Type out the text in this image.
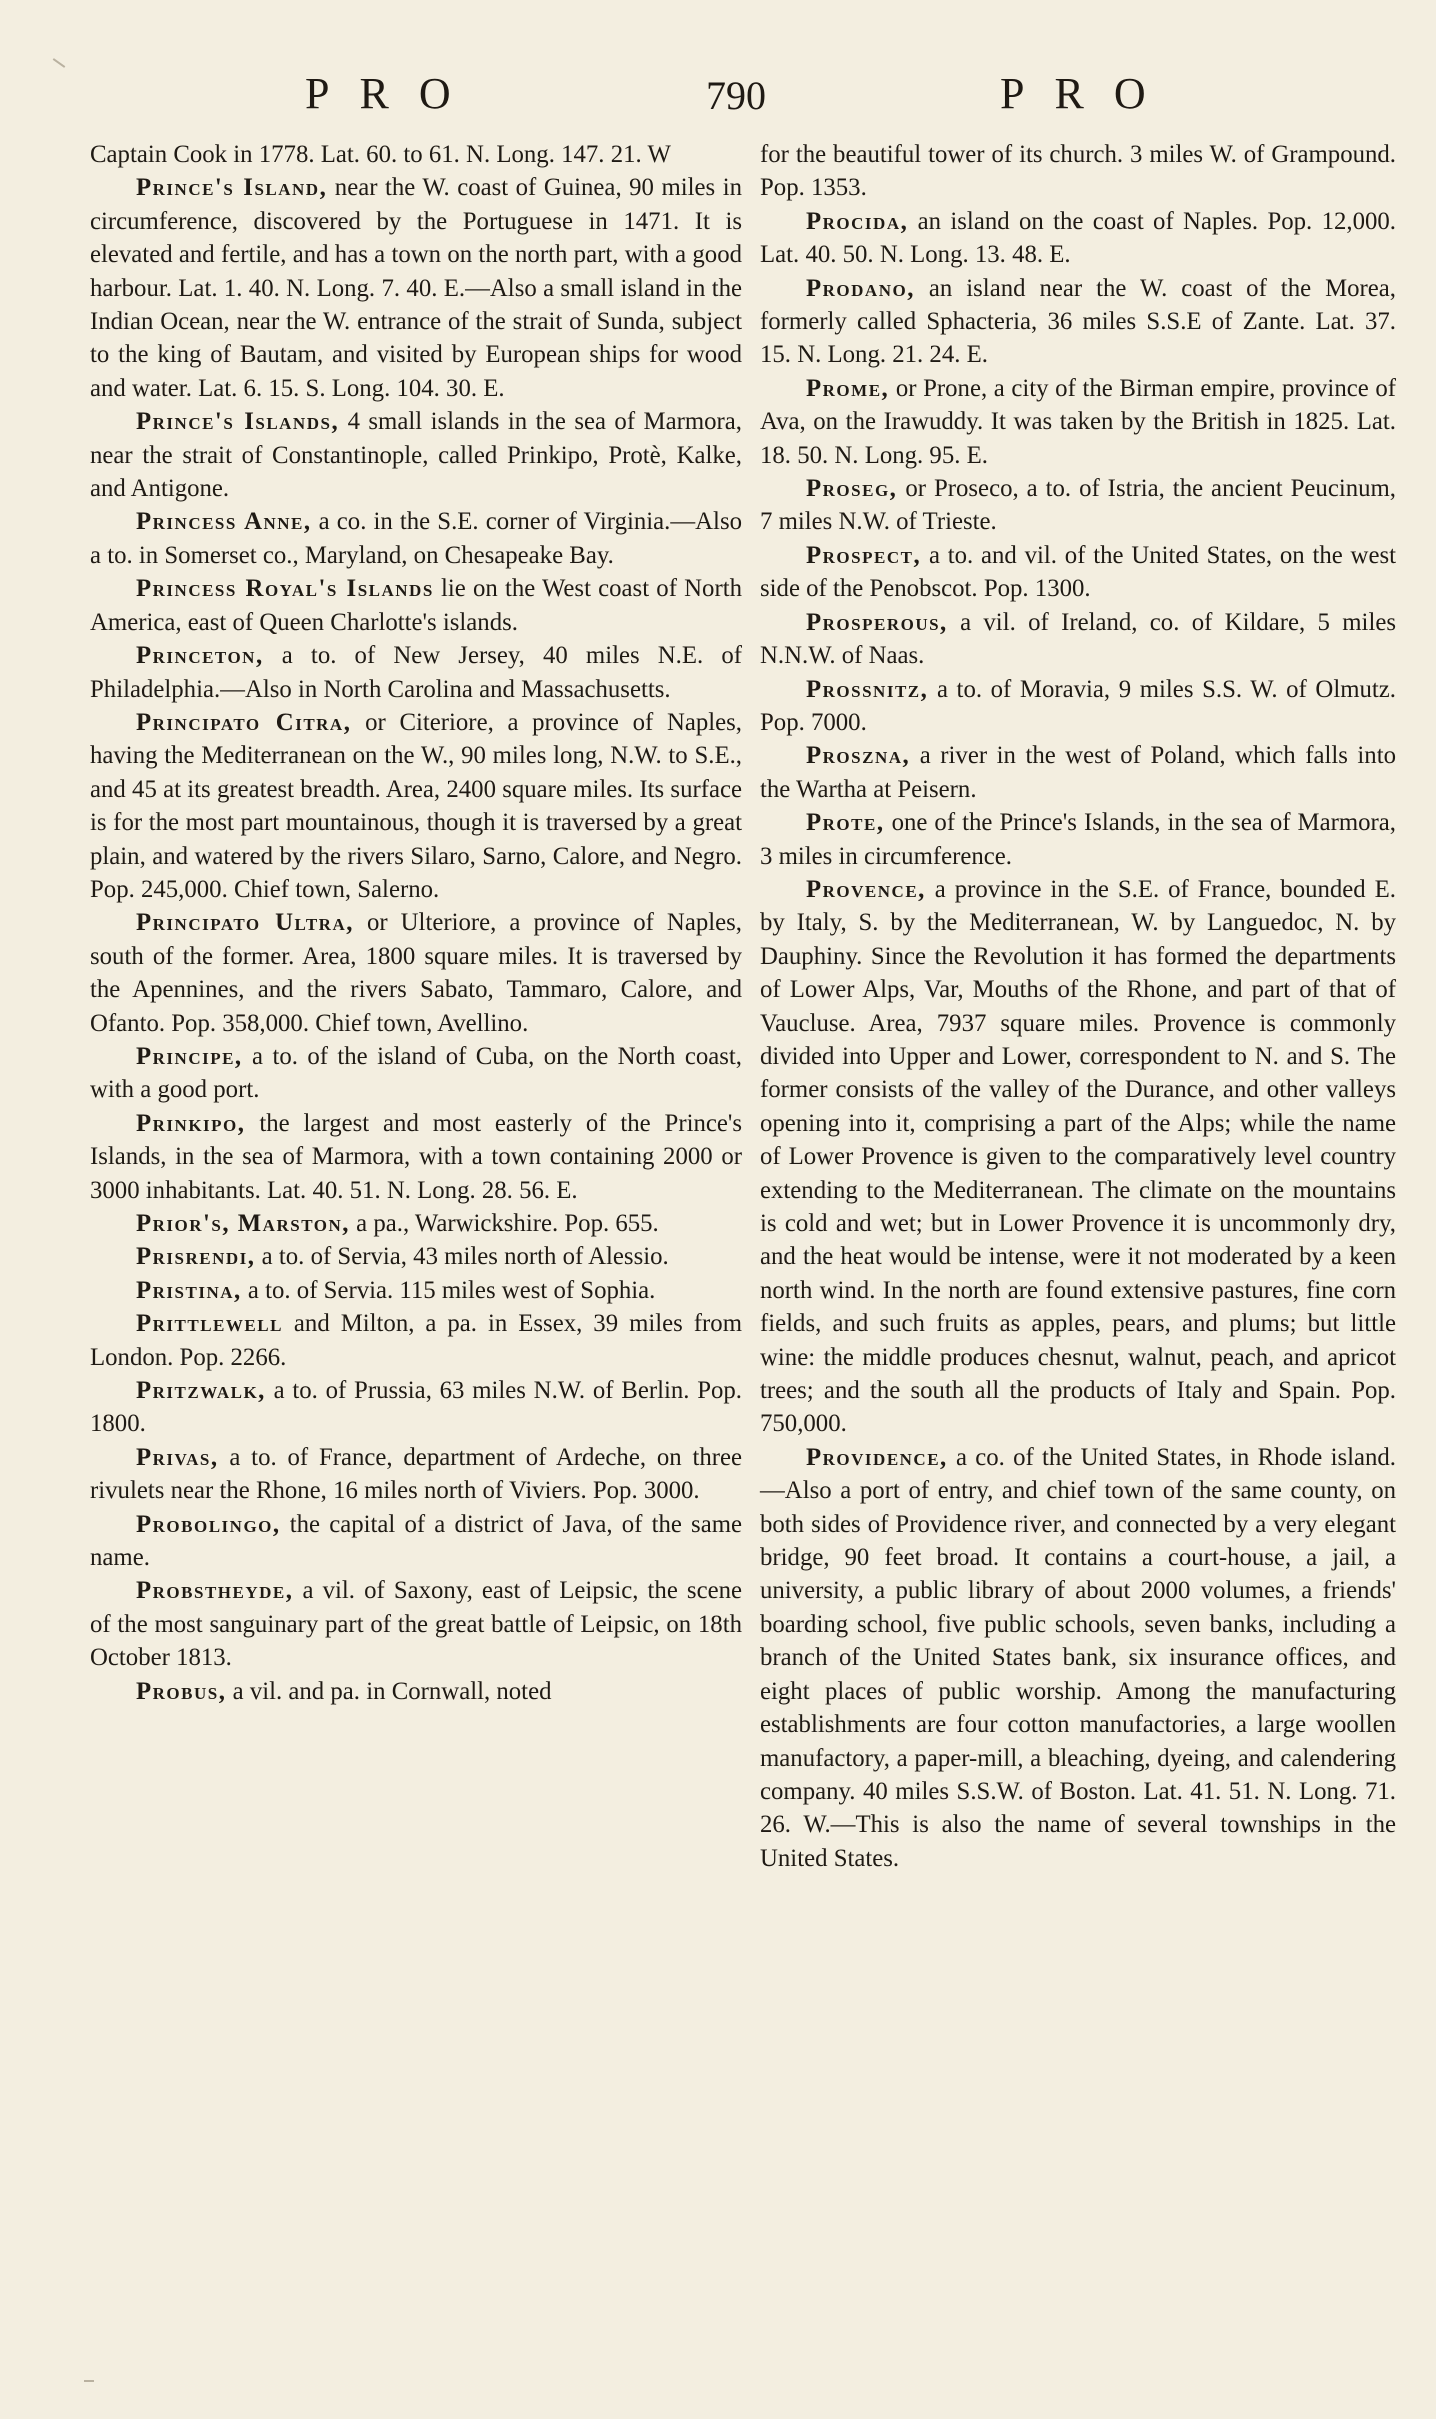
PRO	790	PRO

Captain Cook in 1778. Lat. 60. to 61. N. Long. 147. 21. W

Prince's Island, near the W. coast of Guinea, 90 miles in circumference, discovered by the Portuguese in 1471. It is elevated and fertile, and has a town on the north part, with a good harbour. Lat. 1. 40. N. Long. 7. 40. E.—Also a small island in the Indian Ocean, near the W. entrance of the strait of Sunda, subject to the king of Bautam, and visited by European ships for wood and water. Lat. 6. 15. S. Long. 104. 30. E.

Prince's Islands, 4 small islands in the sea of Marmora, near the strait of Constantinople, called Prinkipo, Protè, Kalke, and Antigone.

Princess Anne, a co. in the S.E. corner of Virginia.—Also a to. in Somerset co., Maryland, on Chesapeake Bay.

Princess Royal's Islands lie on the West coast of North America, east of Queen Charlotte's islands.

Princeton, a to. of New Jersey, 40 miles N.E. of Philadelphia.—Also in North Carolina and Massachusetts.

Principato Citra, or Citeriore, a province of Naples, having the Mediterranean on the W., 90 miles long, N.W. to S.E., and 45 at its greatest breadth. Area, 2400 square miles. Its surface is for the most part mountainous, though it is traversed by a great plain, and watered by the rivers Silaro, Sarno, Calore, and Negro. Pop. 245,000. Chief town, Salerno.

Principato Ultra, or Ulteriore, a province of Naples, south of the former. Area, 1800 square miles. It is traversed by the Apennines, and the rivers Sabato, Tammaro, Calore, and Ofanto. Pop. 358,000. Chief town, Avellino.

Principe, a to. of the island of Cuba, on the North coast, with a good port.

Prinkipo, the largest and most easterly of the Prince's Islands, in the sea of Marmora, with a town containing 2000 or 3000 inhabitants. Lat. 40. 51. N. Long. 28. 56. E.

Prior's, Marston, a pa., Warwickshire. Pop. 655.

Prisrendi, a to. of Servia, 43 miles north of Alessio.

Pristina, a to. of Servia. 115 miles west of Sophia.

Prittlewell and Milton, a pa. in Essex, 39 miles from London. Pop. 2266.

Pritzwalk, a to. of Prussia, 63 miles N.W. of Berlin. Pop. 1800.

Privas, a to. of France, department of Ardeche, on three rivulets near the Rhone, 16 miles north of Viviers. Pop. 3000.

Probolingo, the capital of a district of Java, of the same name.

Probstheyde, a vil. of Saxony, east of Leipsic, the scene of the most sanguinary part of the great battle of Leipsic, on 18th October 1813.

Probus, a vil. and pa. in Cornwall, noted

for the beautiful tower of its church. 3 miles W. of Grampound. Pop. 1353.

Procida, an island on the coast of Naples. Pop. 12,000. Lat. 40. 50. N. Long. 13. 48. E.

Prodano, an island near the W. coast of the Morea, formerly called Sphacteria, 36 miles S.S.E of Zante. Lat. 37. 15. N. Long. 21. 24. E.

Prome, or Prone, a city of the Birman empire, province of Ava, on the Irawuddy. It was taken by the British in 1825. Lat. 18. 50. N. Long. 95. E.

Proseg, or Proseco, a to. of Istria, the ancient Peucinum, 7 miles N.W. of Trieste.

Prospect, a to. and vil. of the United States, on the west side of the Penobscot. Pop. 1300.

Prosperous, a vil. of Ireland, co. of Kildare, 5 miles N.N.W. of Naas.

Prossnitz, a to. of Moravia, 9 miles S.S. W. of Olmutz. Pop. 7000.

Proszna, a river in the west of Poland, which falls into the Wartha at Peisern.

Prote, one of the Prince's Islands, in the sea of Marmora, 3 miles in circumference.

Provence, a province in the S.E. of France, bounded E. by Italy, S. by the Mediterranean, W. by Languedoc, N. by Dauphiny. Since the Revolution it has formed the departments of Lower Alps, Var, Mouths of the Rhone, and part of that of Vaucluse. Area, 7937 square miles. Provence is commonly divided into Upper and Lower, correspondent to N. and S. The former consists of the valley of the Durance, and other valleys opening into it, comprising a part of the Alps; while the name of Lower Provence is given to the comparatively level country extending to the Mediterranean. The climate on the mountains is cold and wet; but in Lower Provence it is uncommonly dry, and the heat would be intense, were it not moderated by a keen north wind. In the north are found extensive pastures, fine corn fields, and such fruits as apples, pears, and plums; but little wine: the middle produces chesnut, walnut, peach, and apricot trees; and the south all the products of Italy and Spain. Pop. 750,000.

Providence, a co. of the United States, in Rhode island.—Also a port of entry, and chief town of the same county, on both sides of Providence river, and connected by a very elegant bridge, 90 feet broad. It contains a court-house, a jail, a university, a public library of about 2000 volumes, a friends' boarding school, five public schools, seven banks, including a branch of the United States bank, six insurance offices, and eight places of public worship. Among the manufacturing establishments are four cotton manufactories, a large woollen manufactory, a paper-mill, a bleaching, dyeing, and calendering company. 40 miles S.S.W. of Boston. Lat. 41. 51. N. Long. 71. 26. W.—This is also the name of several townships in the United States.
